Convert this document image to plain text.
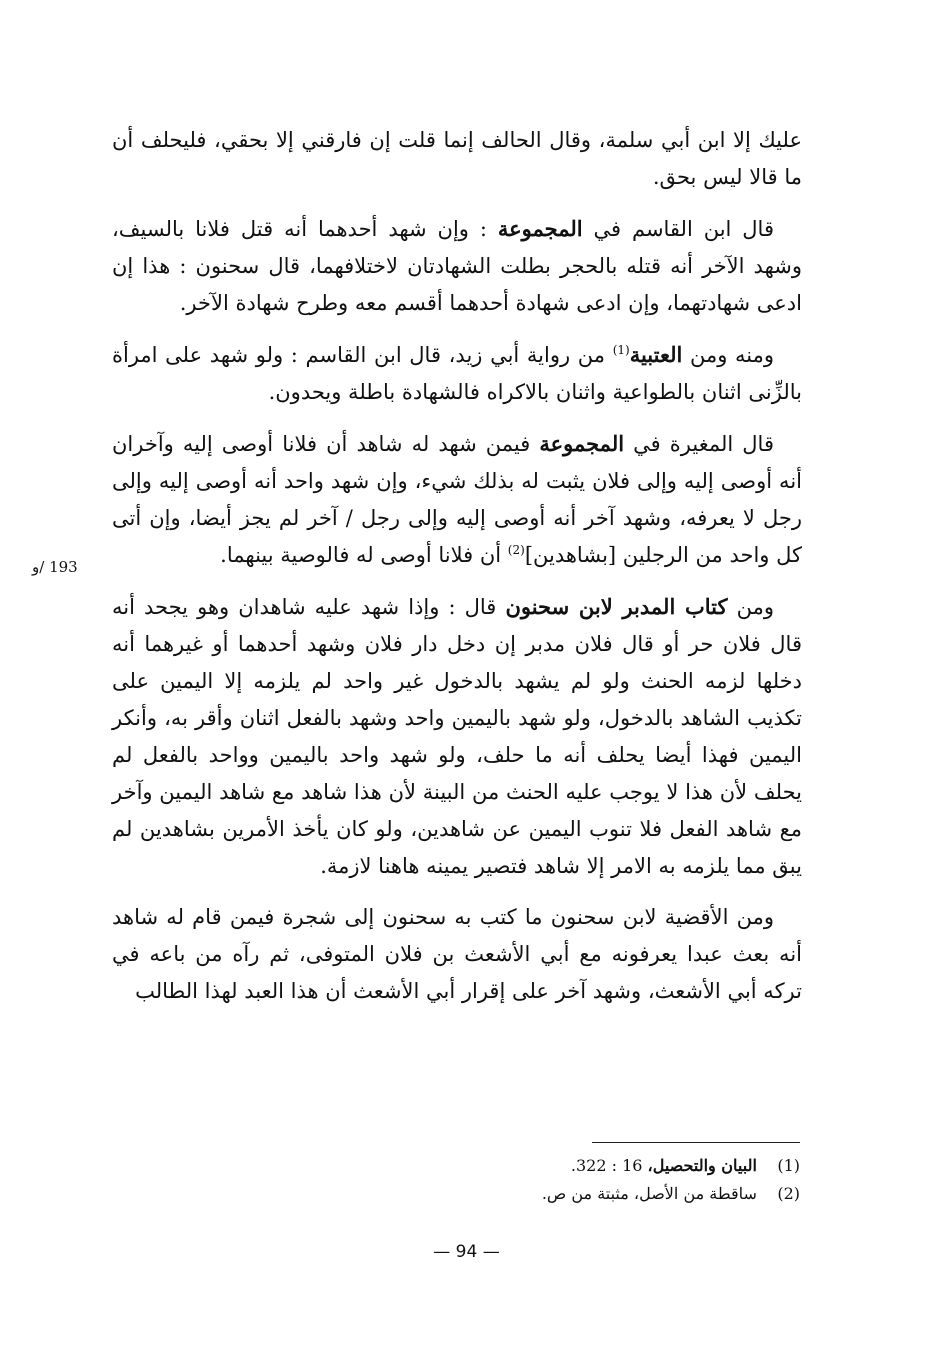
عليك إلا ابن أبي سلمة، وقال الحالف إنما قلت إن فارقني إلا بحقي، فليحلف أن ما قالا ليس بحق.

قال ابن القاسم في المجموعة : وإن شهد أحدهما أنه قتل فلانا بالسيف، وشهد الآخر أنه قتله بالحجر بطلت الشهادتان لاختلافهما، قال سحنون : هذا إن ادعى شهادتهما، وإن ادعى شهادة أحدهما أقسم معه وطرح شهادة الآخر.

ومنه ومن العتبية$^{(1)}$ من رواية أبي زيد، قال ابن القاسم : ولو شهد على امرأة بالزِّنى اثنان بالطواعية واثنان بالاكراه فالشهادة باطلة ويحدون.

قال المغيرة في المجموعة فيمن شهد له شاهد أن فلانا أوصى إليه وآخران أنه أوصى إليه وإلى فلان يثبت له بذلك شيء، وإن شهد واحد أنه أوصى إليه وإلى رجل لا يعرفه، وشهد آخر أنه أوصى إليه وإلى رجل / آخر لم يجز أيضا، وإن أتى كل واحد من الرجلين [بشاهدين]$^{(2)}$ أن فلانا أوصى له فالوصية بينهما.

ومن كتاب المدبر لابن سحنون قال : وإذا شهد عليه شاهدان وهو يجحد أنه قال فلان حر أو قال فلان مدبر إن دخل دار فلان وشهد أحدهما أو غيرهما أنه دخلها لزمه الحنث ولو لم يشهد بالدخول غير واحد لم يلزمه إلا اليمين على تكذيب الشاهد بالدخول، ولو شهد باليمين واحد وشهد بالفعل اثنان وأقر به، وأنكر اليمين فهذا أيضا يحلف أنه ما حلف، ولو شهد واحد باليمين وواحد بالفعل لم يحلف لأن هذا لا يوجب عليه الحنث من البينة لأن هذا شاهد مع شاهد اليمين وآخر مع شاهد الفعل فلا تنوب اليمين عن شاهدين، ولو كان يأخذ الأمرين بشاهدين لم يبق مما يلزمه به الامر إلا شاهد فتصير يمينه هاهنا لازمة.

ومن الأقضية لابن سحنون ما كتب به سحنون إلى شجرة فيمن قام له شاهد أنه بعث عبدا يعرفونه مع أبي الأشعث بن فلان المتوفى، ثم رآه من باعه في تركه أبي الأشعث، وشهد آخر على إقرار أبي الأشعث أن هذا العبد لهذا الطالب

193 /و
(1) البيان والتحصيل، 16 : 322.
(2) ساقطة من الأصل، مثبتة من ص.
— 94 —
